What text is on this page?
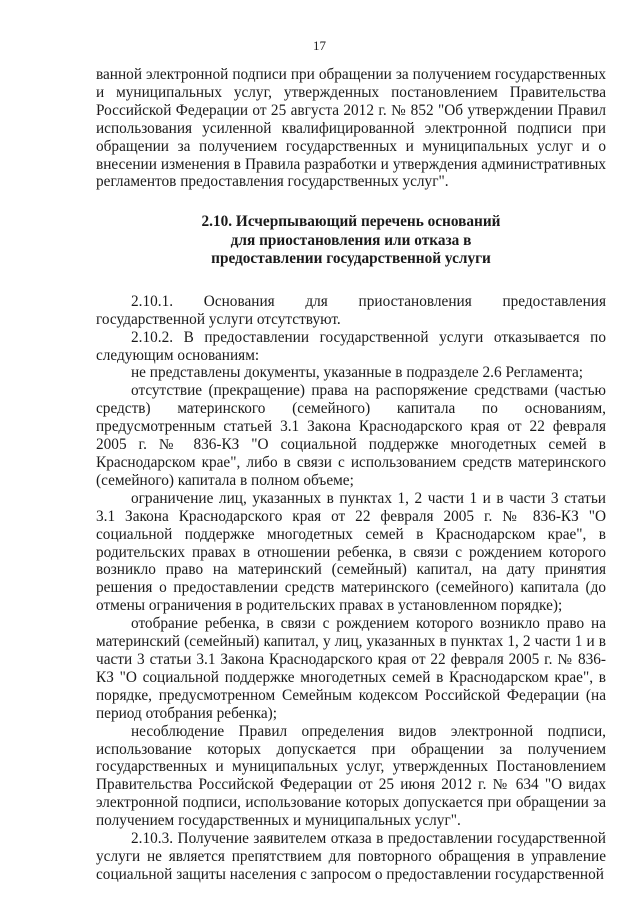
17

ванной электронной подписи при обращении за получением государственных и муниципальных услуг, утвержденных постановлением Правительства Российской Федерации от 25 августа 2012 г. № 852 "Об утверждении Правил использования усиленной квалифицированной электронной подписи при обращении за получением государственных и муниципальных услуг и о внесении изменения в Правила разработки и утверждения административных регламентов предоставления государственных услуг".

2.10. Исчерпывающий перечень оснований
для приостановления или отказа в
предоставлении государственной услуги

2.10.1. Основания для приостановления предоставления государственной услуги отсутствуют.

2.10.2. В предоставлении государственной услуги отказывается по следующим основаниям:

не представлены документы, указанные в подразделе 2.6 Регламента;

отсутствие (прекращение) права на распоряжение средствами (частью средств) материнского (семейного) капитала по основаниям, предусмотренным статьей 3.1 Закона Краснодарского края от 22 февраля 2005 г. № 836-КЗ "О социальной поддержке многодетных семей в Краснодарском крае", либо в связи с использованием средств материнского (семейного) капитала в полном объеме;

ограничение лиц, указанных в пунктах 1, 2 части 1 и в части 3 статьи 3.1 Закона Краснодарского края от 22 февраля 2005 г. № 836-КЗ "О социальной поддержке многодетных семей в Краснодарском крае", в родительских правах в отношении ребенка, в связи с рождением которого возникло право на материнский (семейный) капитал, на дату принятия решения о предоставлении средств материнского (семейного) капитала (до отмены ограничения в родительских правах в установленном порядке);

отобрание ребенка, в связи с рождением которого возникло право на материнский (семейный) капитал, у лиц, указанных в пунктах 1, 2 части 1 и в части 3 статьи 3.1 Закона Краснодарского края от 22 февраля 2005 г. № 836-КЗ "О социальной поддержке многодетных семей в Краснодарском крае", в порядке, предусмотренном Семейным кодексом Российской Федерации (на период отобрания ребенка);

несоблюдение Правил определения видов электронной подписи, использование которых допускается при обращении за получением государственных и муниципальных услуг, утвержденных Постановлением Правительства Российской Федерации от 25 июня 2012 г. № 634 "О видах электронной подписи, использование которых допускается при обращении за получением государственных и муниципальных услуг".

2.10.3. Получение заявителем отказа в предоставлении государственной услуги не является препятствием для повторного обращения в управление социальной защиты населения с запросом о предоставлении государственной
